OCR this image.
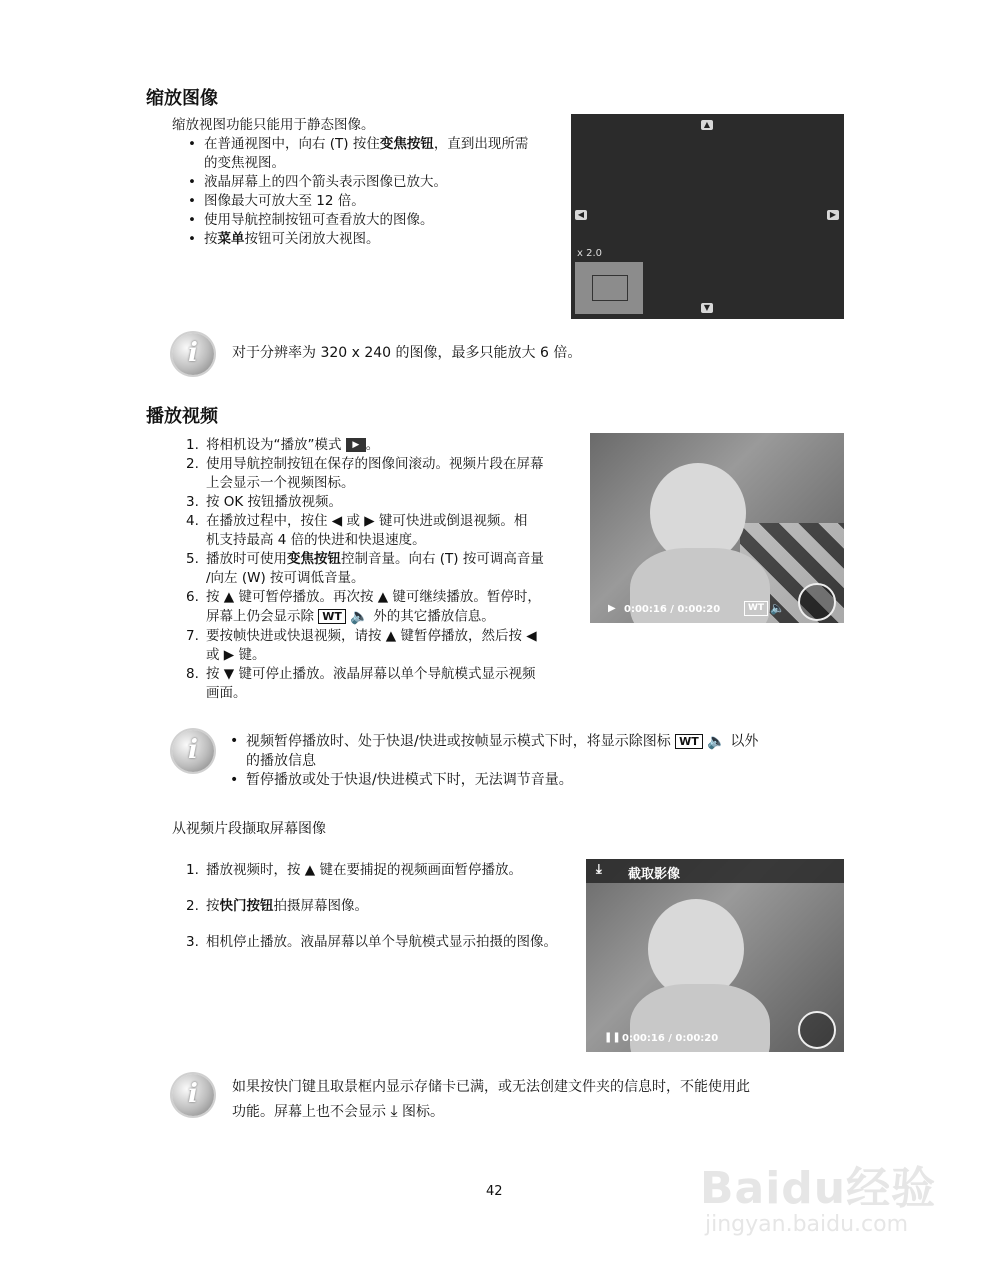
缩放图像
缩放视图功能只能用于静态图像。
• 在普通视图中，向右 (T) 按住变焦按钮，直到出现所需
的变焦视图。
• 液晶屏幕上的四个箭头表示图像已放大。
• 图像最大可放大至 12 倍。
• 使用导航控制按钮可查看放大的图像。
• 按菜单按钮可关闭放大视图。
▲
◀	▶
▼
x 2.0
i	对于分辨率为 320 x 240 的图像，最多只能放大 6 倍。
播放视频
1. 将相机设为“播放”模式 ▶ 。
2. 使用导航控制按钮在保存的图像间滚动。视频片段在屏幕
上会显示一个视频图标。
3. 按 OK 按钮播放视频。
4. 在播放过程中，按住 ◀ 或 ▶ 键可快进或倒退视频。相
机支持最高 4 倍的快进和快退速度。
5. 播放时可使用变焦按钮控制音量。向右 (T) 按可调高音量
/向左 (W) 按可调低音量。
6. 按 ▲ 键可暂停播放。再次按 ▲ 键可继续播放。暂停时，
屏幕上仍会显示除 WT 🔈 外的其它播放信息。
7. 要按帧快进或快退视频，请按 ▲ 键暂停播放，然后按 ◀
或 ▶ 键。
8. 按 ▼ 键可停止播放。液晶屏幕以单个导航模式显示视频
画面。
▶ 0:00:16 / 0:00:20	WT 🔈
i
•	视频暂停播放时、处于快退/快进或按帧显示模式下时，将显示除图标 WT 🔈 以外
的播放信息
• 暂停播放或处于快退/快进模式下时，无法调节音量。
从视频片段撷取屏幕图像
1. 播放视频时，按 ▲ 键在要捕捉的视频画面暂停播放。
2. 按快门按钮拍摄屏幕图像。
3. 相机停止播放。液晶屏幕以单个导航模式显示拍摄的图像。
⤓ 截取影像
❚❚ 0:00:16 / 0:00:20
i	如果按快门键且取景框内显示存储卡已满，或无法创建文件夹的信息时，不能使用此
功能。屏幕上也不会显示 ⤓ 图标。
42	Baidu经验
jingyan.baidu.com
